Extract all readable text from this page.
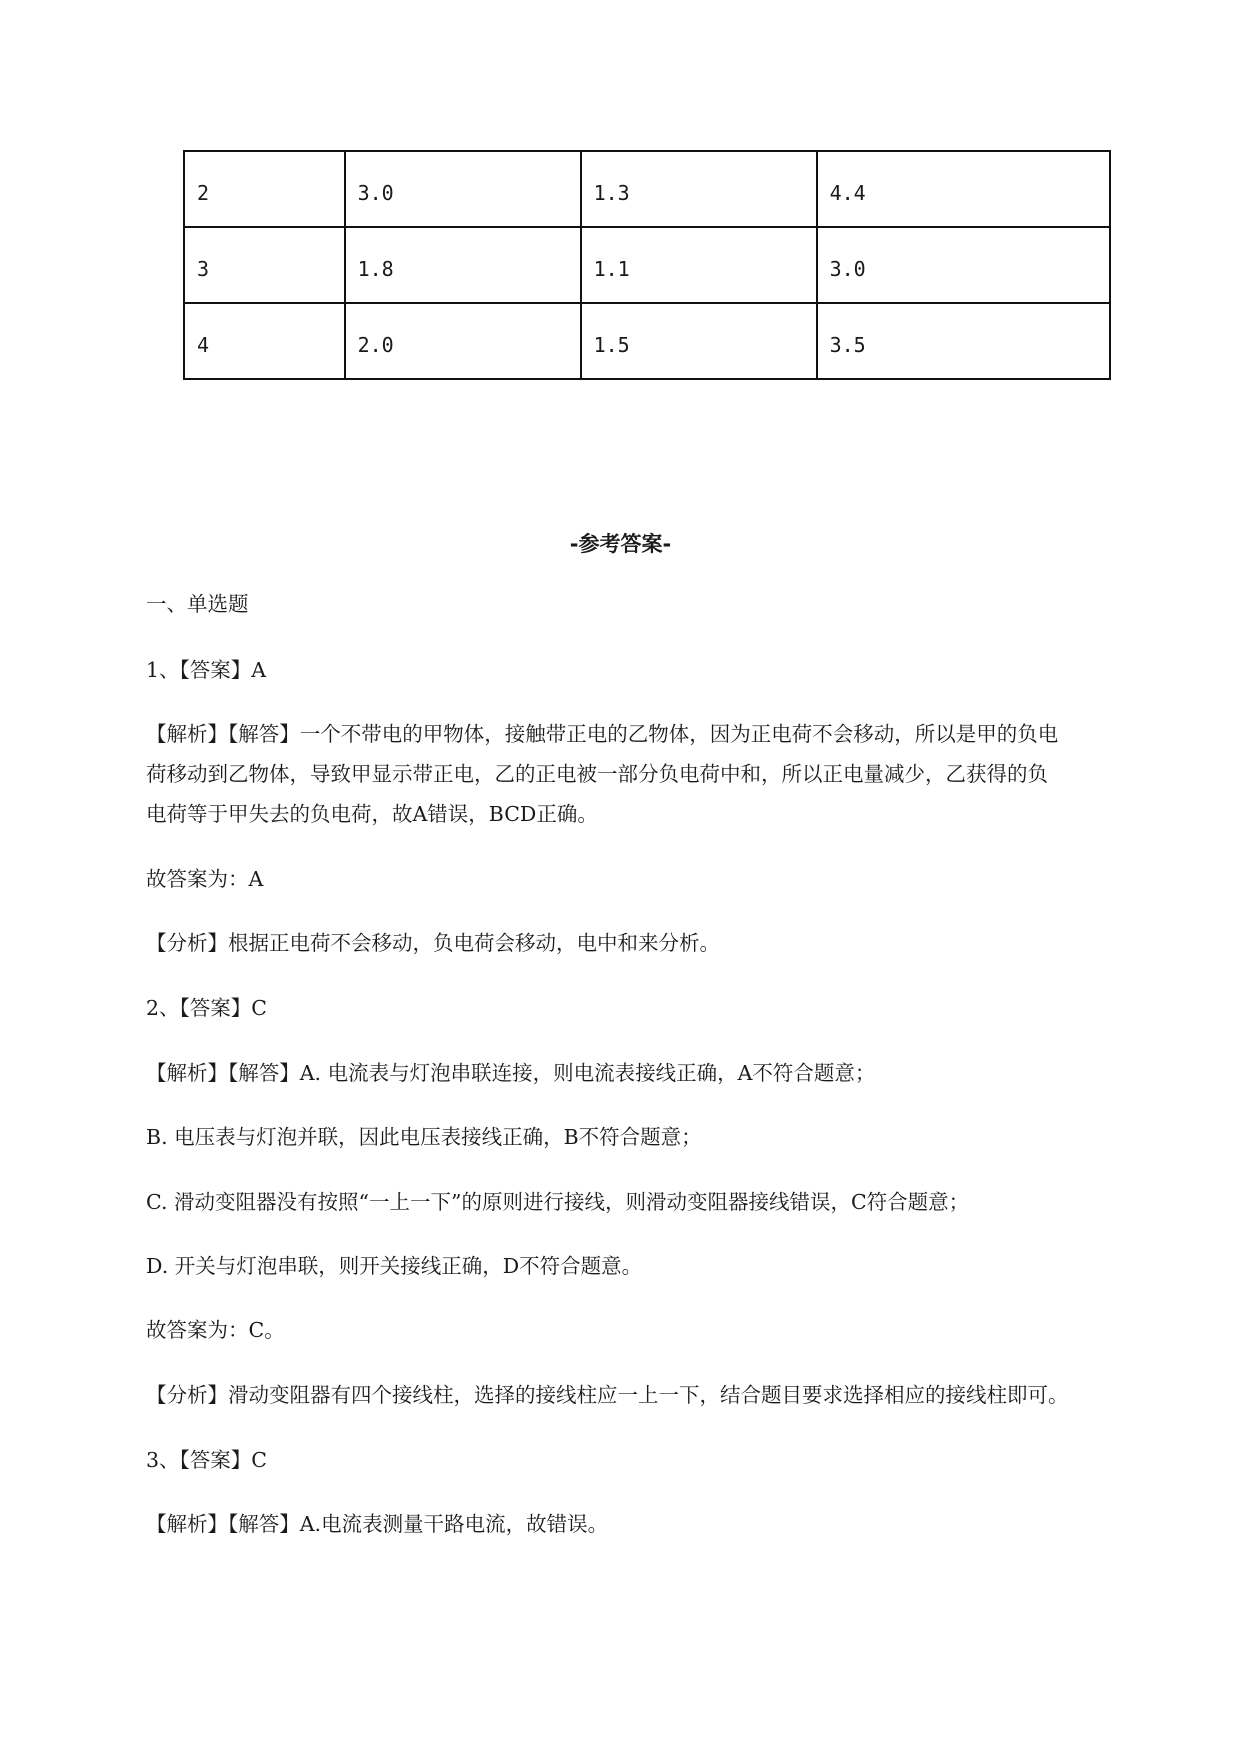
2	3.0	1.3	4.4
3	1.8	1.1	3.0
4	2.0	1.5	3.5
-参考答案-

一、单选题

1、【答案】A

【解析】【解答】一个不带电的甲物体，接触带正电的乙物体，因为正电荷不会移动，所以是甲的负电

荷移动到乙物体，导致甲显示带正电，乙的正电被一部分负电荷中和，所以正电量减少，乙获得的负

电荷等于甲失去的负电荷，故A错误，BCD正确。

故答案为：A

【分析】根据正电荷不会移动，负电荷会移动，电中和来分析。

2、【答案】C

【解析】【解答】A. 电流表与灯泡串联连接，则电流表接线正确，A不符合题意；

B. 电压表与灯泡并联，因此电压表接线正确，B不符合题意；

C. 滑动变阻器没有按照“一上一下”的原则进行接线，则滑动变阻器接线错误，C符合题意；

D. 开关与灯泡串联，则开关接线正确，D不符合题意。

故答案为：C。

【分析】滑动变阻器有四个接线柱，选择的接线柱应一上一下，结合题目要求选择相应的接线柱即可。

3、【答案】C

【解析】【解答】A.电流表测量干路电流，故错误。
